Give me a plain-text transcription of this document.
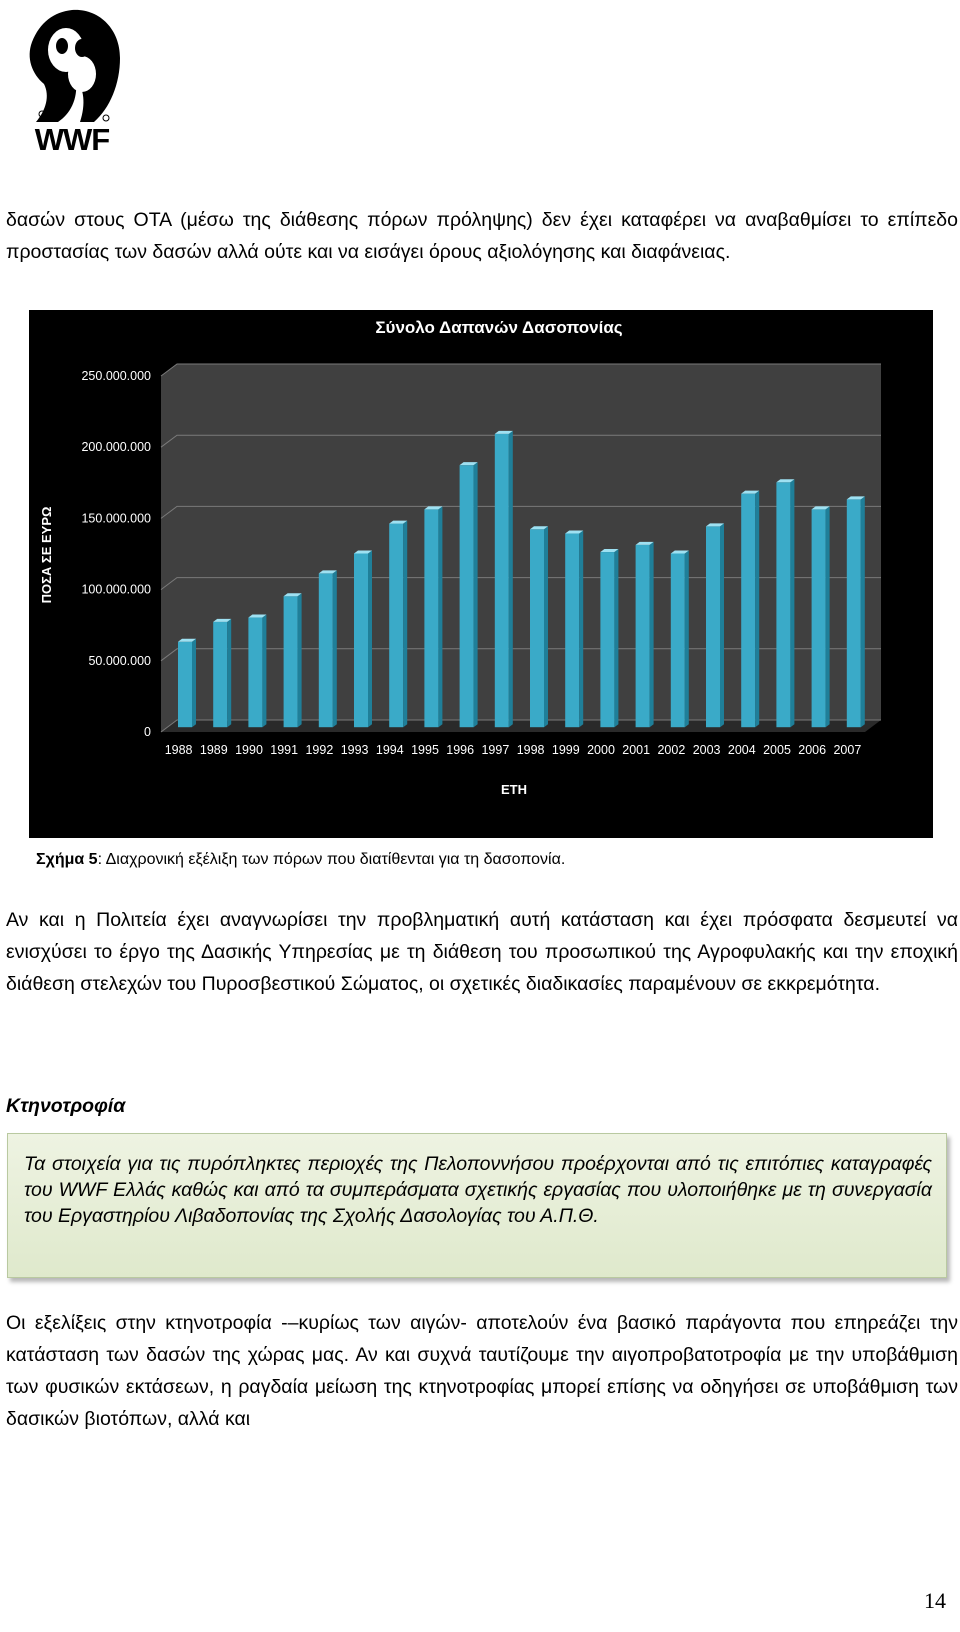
WWF

δασών στους ΟΤΑ (μέσω της διάθεσης πόρων πρόληψης) δεν έχει καταφέρει να αναβαθμίσει το επίπεδο προστασίας των δασών αλλά ούτε και να εισάγει όρους αξιολόγησης και διαφάνειας.

0
50.000.000
100.000.000
150.000.000
200.000.000
250.000.000
1988 1989 1990 1991 1992 1993 1994 1995 1996 1997 1998 1999 2000 2001 2002 2003 2004 2005 2006 2007
Σύνολο Δαπανών Δασοπονίας
ΕΤΗ
ΠΟΣΑ ΣΕ ΕΥΡΩ

Σχήμα 5: Διαχρονική εξέλιξη των πόρων που διατίθενται για τη δασοπονία.

Αν και η Πολιτεία έχει αναγνωρίσει την προβληματική αυτή κατάσταση και έχει πρόσφατα δεσμευτεί να ενισχύσει το έργο της Δασικής Υπηρεσίας με τη διάθεση του προσωπικού της Αγροφυλακής και την εποχική διάθεση στελεχών του Πυροσβεστικού Σώματος, οι σχετικές διαδικασίες παραμένουν σε εκκρεμότητα.

Κτηνοτροφία

Τα στοιχεία για τις πυρόπληκτες περιοχές της Πελοποννήσου προέρχονται από τις επιτόπιες καταγραφές του WWF Ελλάς καθώς και από τα συμπεράσματα σχετικής εργασίας που υλοποιήθηκε με τη συνεργασία του Εργαστηρίου Λιβαδοπονίας της Σχολής Δασολογίας του Α.Π.Θ.

Οι εξελίξεις στην κτηνοτροφία -–κυρίως των αιγών- αποτελούν ένα βασικό παράγοντα που επηρεάζει την κατάσταση των δασών της χώρας μας. Αν και συχνά ταυτίζουμε την αιγοπροβατοτροφία με την υποβάθμιση των φυσικών εκτάσεων, η ραγδαία μείωση της κτηνοτροφίας μπορεί επίσης να οδηγήσει σε υποβάθμιση των δασικών βιοτόπων, αλλά και

14
